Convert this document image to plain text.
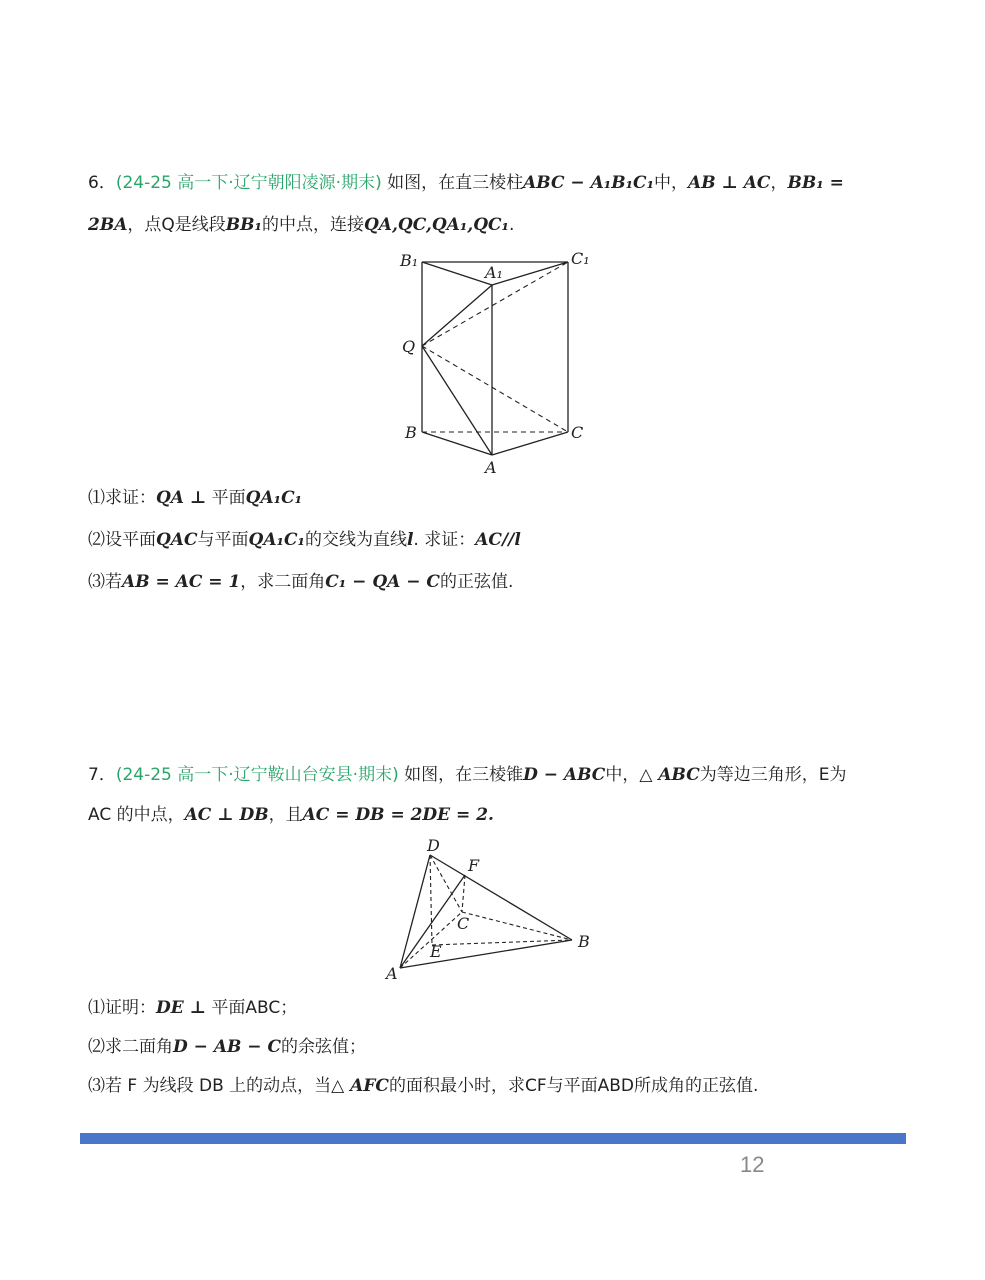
6．(24-25 高一下·辽宁朝阳凌源·期末) 如图，在直三棱柱ABC − A₁B₁C₁中，AB ⊥ AC，BB₁ =
2BA，点Q是线段BB₁的中点，连接QA,QC,QA₁,QC₁.
B₁
A₁
C₁
Q
B	C
A
⑴求证：QA ⊥ 平面QA₁C₁
⑵设平面QAC与平面QA₁C₁的交线为直线l. 求证：AC//l
⑶若AB = AC = 1，求二面角C₁ − QA − C的正弦值.
7．(24-25 高一下·辽宁鞍山台安县·期末) 如图，在三棱锥D − ABC中，△ ABC为等边三角形，E为
AC 的中点，AC ⊥ DB，且AC = DB = 2DE = 2.
D
F
C
B
E
A
⑴证明：DE ⊥ 平面ABC；
⑵求二面角D − AB − C的余弦值；
⑶若 F 为线段 DB 上的动点，当△ AFC的面积最小时，求CF与平面ABD所成角的正弦值.
12
